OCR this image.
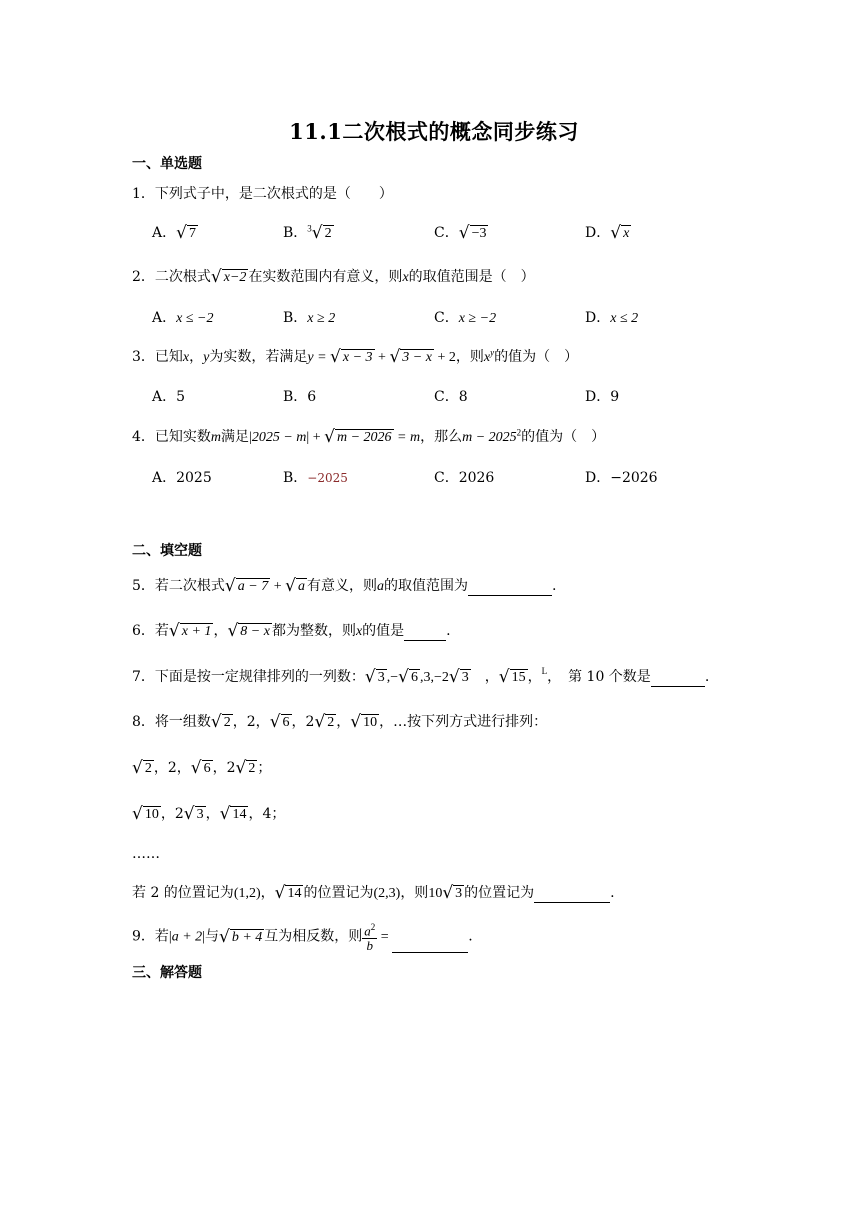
11.1二次根式的概念同步练习
一、单选题
1．下列式子中，是二次根式的是（　　）
A．√ 7	B．$^3$√ 2	C．√ −3	D．√ x
2．二次根式√ x−2 在实数范围内有意义，则x的取值范围是（　）
A．x ≤ −2	B．x ≥ 2	C．x ≥ −2	D．x ≤ 2
3．已知x，y为实数，若满足y = √ x − 3 + √ 3 − x + 2，则$x^y$的值为（　）
A．5	B．6	C．8	D．9
4．已知实数m满足|2025 − m| + √ m − 2026 = m，那么$m - 2025^2$的值为（　）
A．2025	B．−2025	C．2026	D．−2026
二、填空题
5．若二次根式√ a − 7 + √ a 有意义，则a的取值范围为	.
6．若√ x + 1 ，√ 8 − x 都为整数，则x的值是	.
7．下面是按一定规律排列的一列数：√ 3 ,−√ 6 ,3,−2√ 3　，√ 15 ，$^L$，　第 10 个数是	.
8．将一组数√ 2 ，2，√ 6 ，2√ 2 ，√ 10 ，…按下列方式进行排列：
√ 2 ，2，√ 6 ，2√ 2 ；
√ 10 ，2√ 3 ，√ 14 ，4；
……
若 2 的位置记为(1,2)，√ 14 的位置记为(2,3)，则10√ 3 的位置记为	.
9．若|a + 2|与√ b + 4 互为相反数，则 $\frac{a^2}{b}$ =	.
三、解答题
